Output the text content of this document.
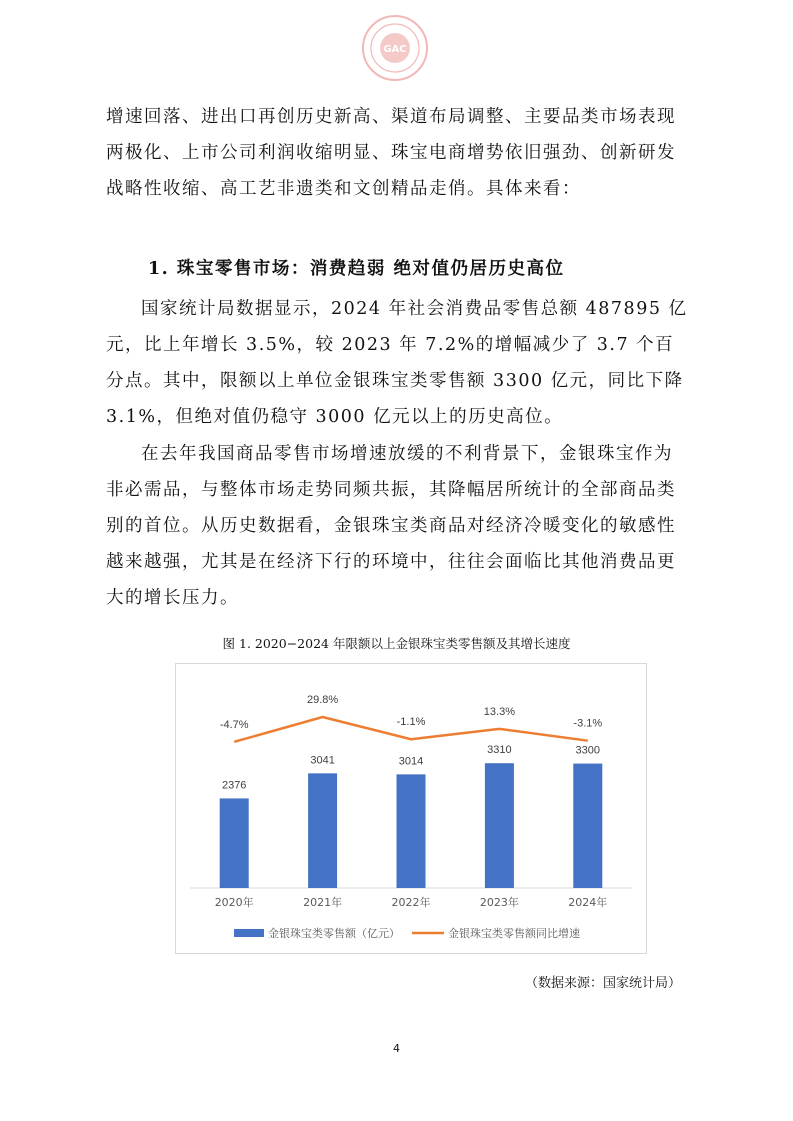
GAC

增速回落、进出口再创历史新高、渠道布局调整、主要品类市场表现两极化、上市公司利润收缩明显、珠宝电商增势依旧强劲、创新研发战略性收缩、高工艺非遗类和文创精品走俏。具体来看：

1. 珠宝零售市场：消费趋弱 绝对值仍居历史高位

国家统计局数据显示，2024 年社会消费品零售总额 487895 亿元，比上年增长 3.5%，较 2023 年 7.2%的增幅减少了 3.7 个百分点。其中，限额以上单位金银珠宝类零售额 3300 亿元，同比下降 3.1%，但绝对值仍稳守 3000 亿元以上的历史高位。

在去年我国商品零售市场增速放缓的不利背景下，金银珠宝作为非必需品，与整体市场走势同频共振，其降幅居所统计的全部商品类别的首位。从历史数据看，金银珠宝类商品对经济冷暖变化的敏感性越来越强，尤其是在经济下行的环境中，往往会面临比其他消费品更大的增长压力。

图 1. 2020−2024 年限额以上金银珠宝类零售额及其增长速度
2376
2020年
3041
2021年
3014
2022年
3310
2023年
3300
2024年
-4.7%
29.8%
-1.1%
13.3%
-3.1%
金银珠宝类零售额（亿元）	金银珠宝类零售额同比增速
（数据来源：国家统计局）
4
